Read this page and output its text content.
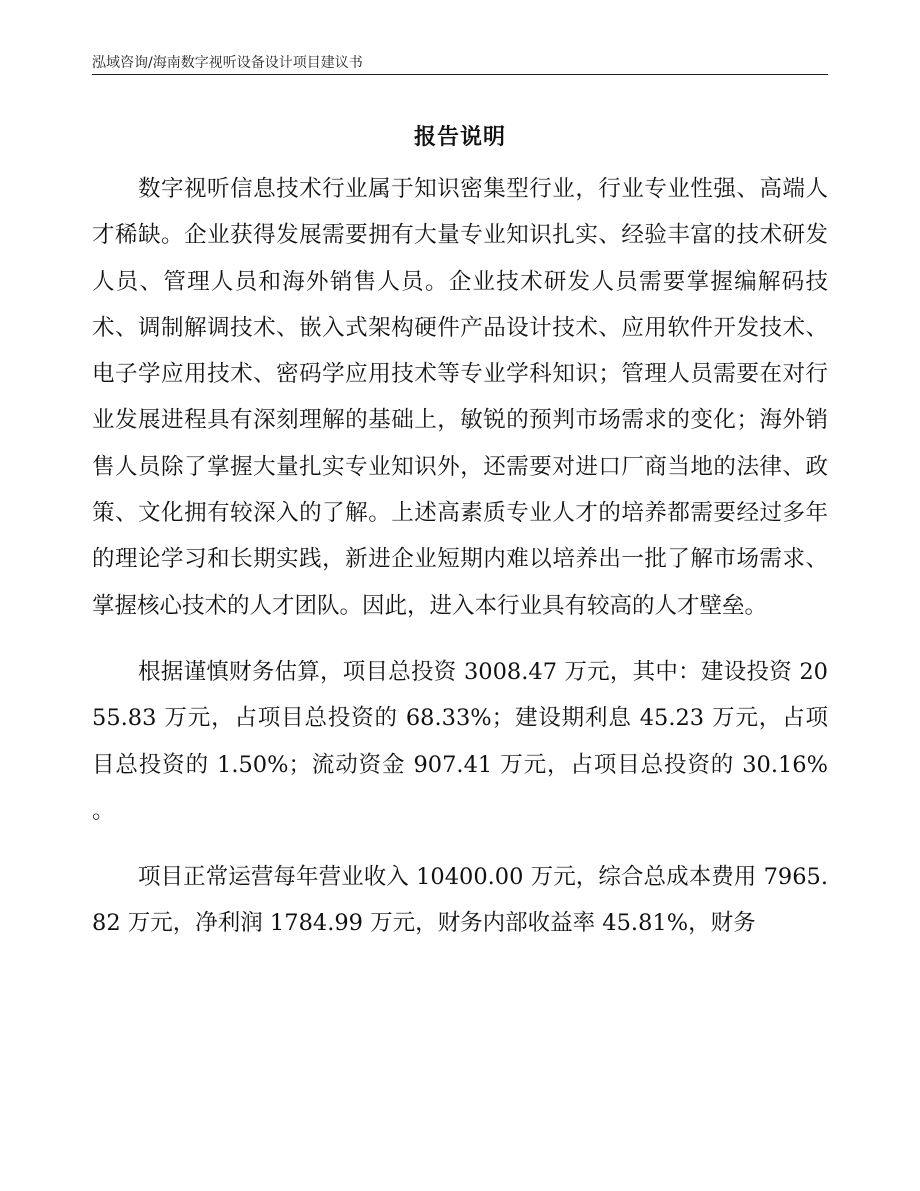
泓域咨询/海南数字视听设备设计项目建议书
报告说明

数字视听信息技术行业属于知识密集型行业，行业专业性强、高端人才稀缺。企业获得发展需要拥有大量专业知识扎实、经验丰富的技术研发人员、管理人员和海外销售人员。企业技术研发人员需要掌握编解码技术、调制解调技术、嵌入式架构硬件产品设计技术、应用软件开发技术、电子学应用技术、密码学应用技术等专业学科知识；管理人员需要在对行业发展进程具有深刻理解的基础上，敏锐的预判市场需求的变化；海外销售人员除了掌握大量扎实专业知识外，还需要对进口厂商当地的法律、政策、文化拥有较深入的了解。上述高素质专业人才的培养都需要经过多年的理论学习和长期实践，新进企业短期内难以培养出一批了解市场需求、掌握核心技术的人才团队。因此，进入本行业具有较高的人才壁垒。

根据谨慎财务估算，项目总投资 3008.47 万元，其中：建设投资 2055.83 万元，占项目总投资的 68.33%；建设期利息 45.23 万元，占项目总投资的 1.50%；流动资金 907.41 万元，占项目总投资的 30.16% 。

项目正常运营每年营业收入 10400.00 万元，综合总成本费用 7965.82 万元，净利润 1784.99 万元，财务内部收益率 45.81%，财务
